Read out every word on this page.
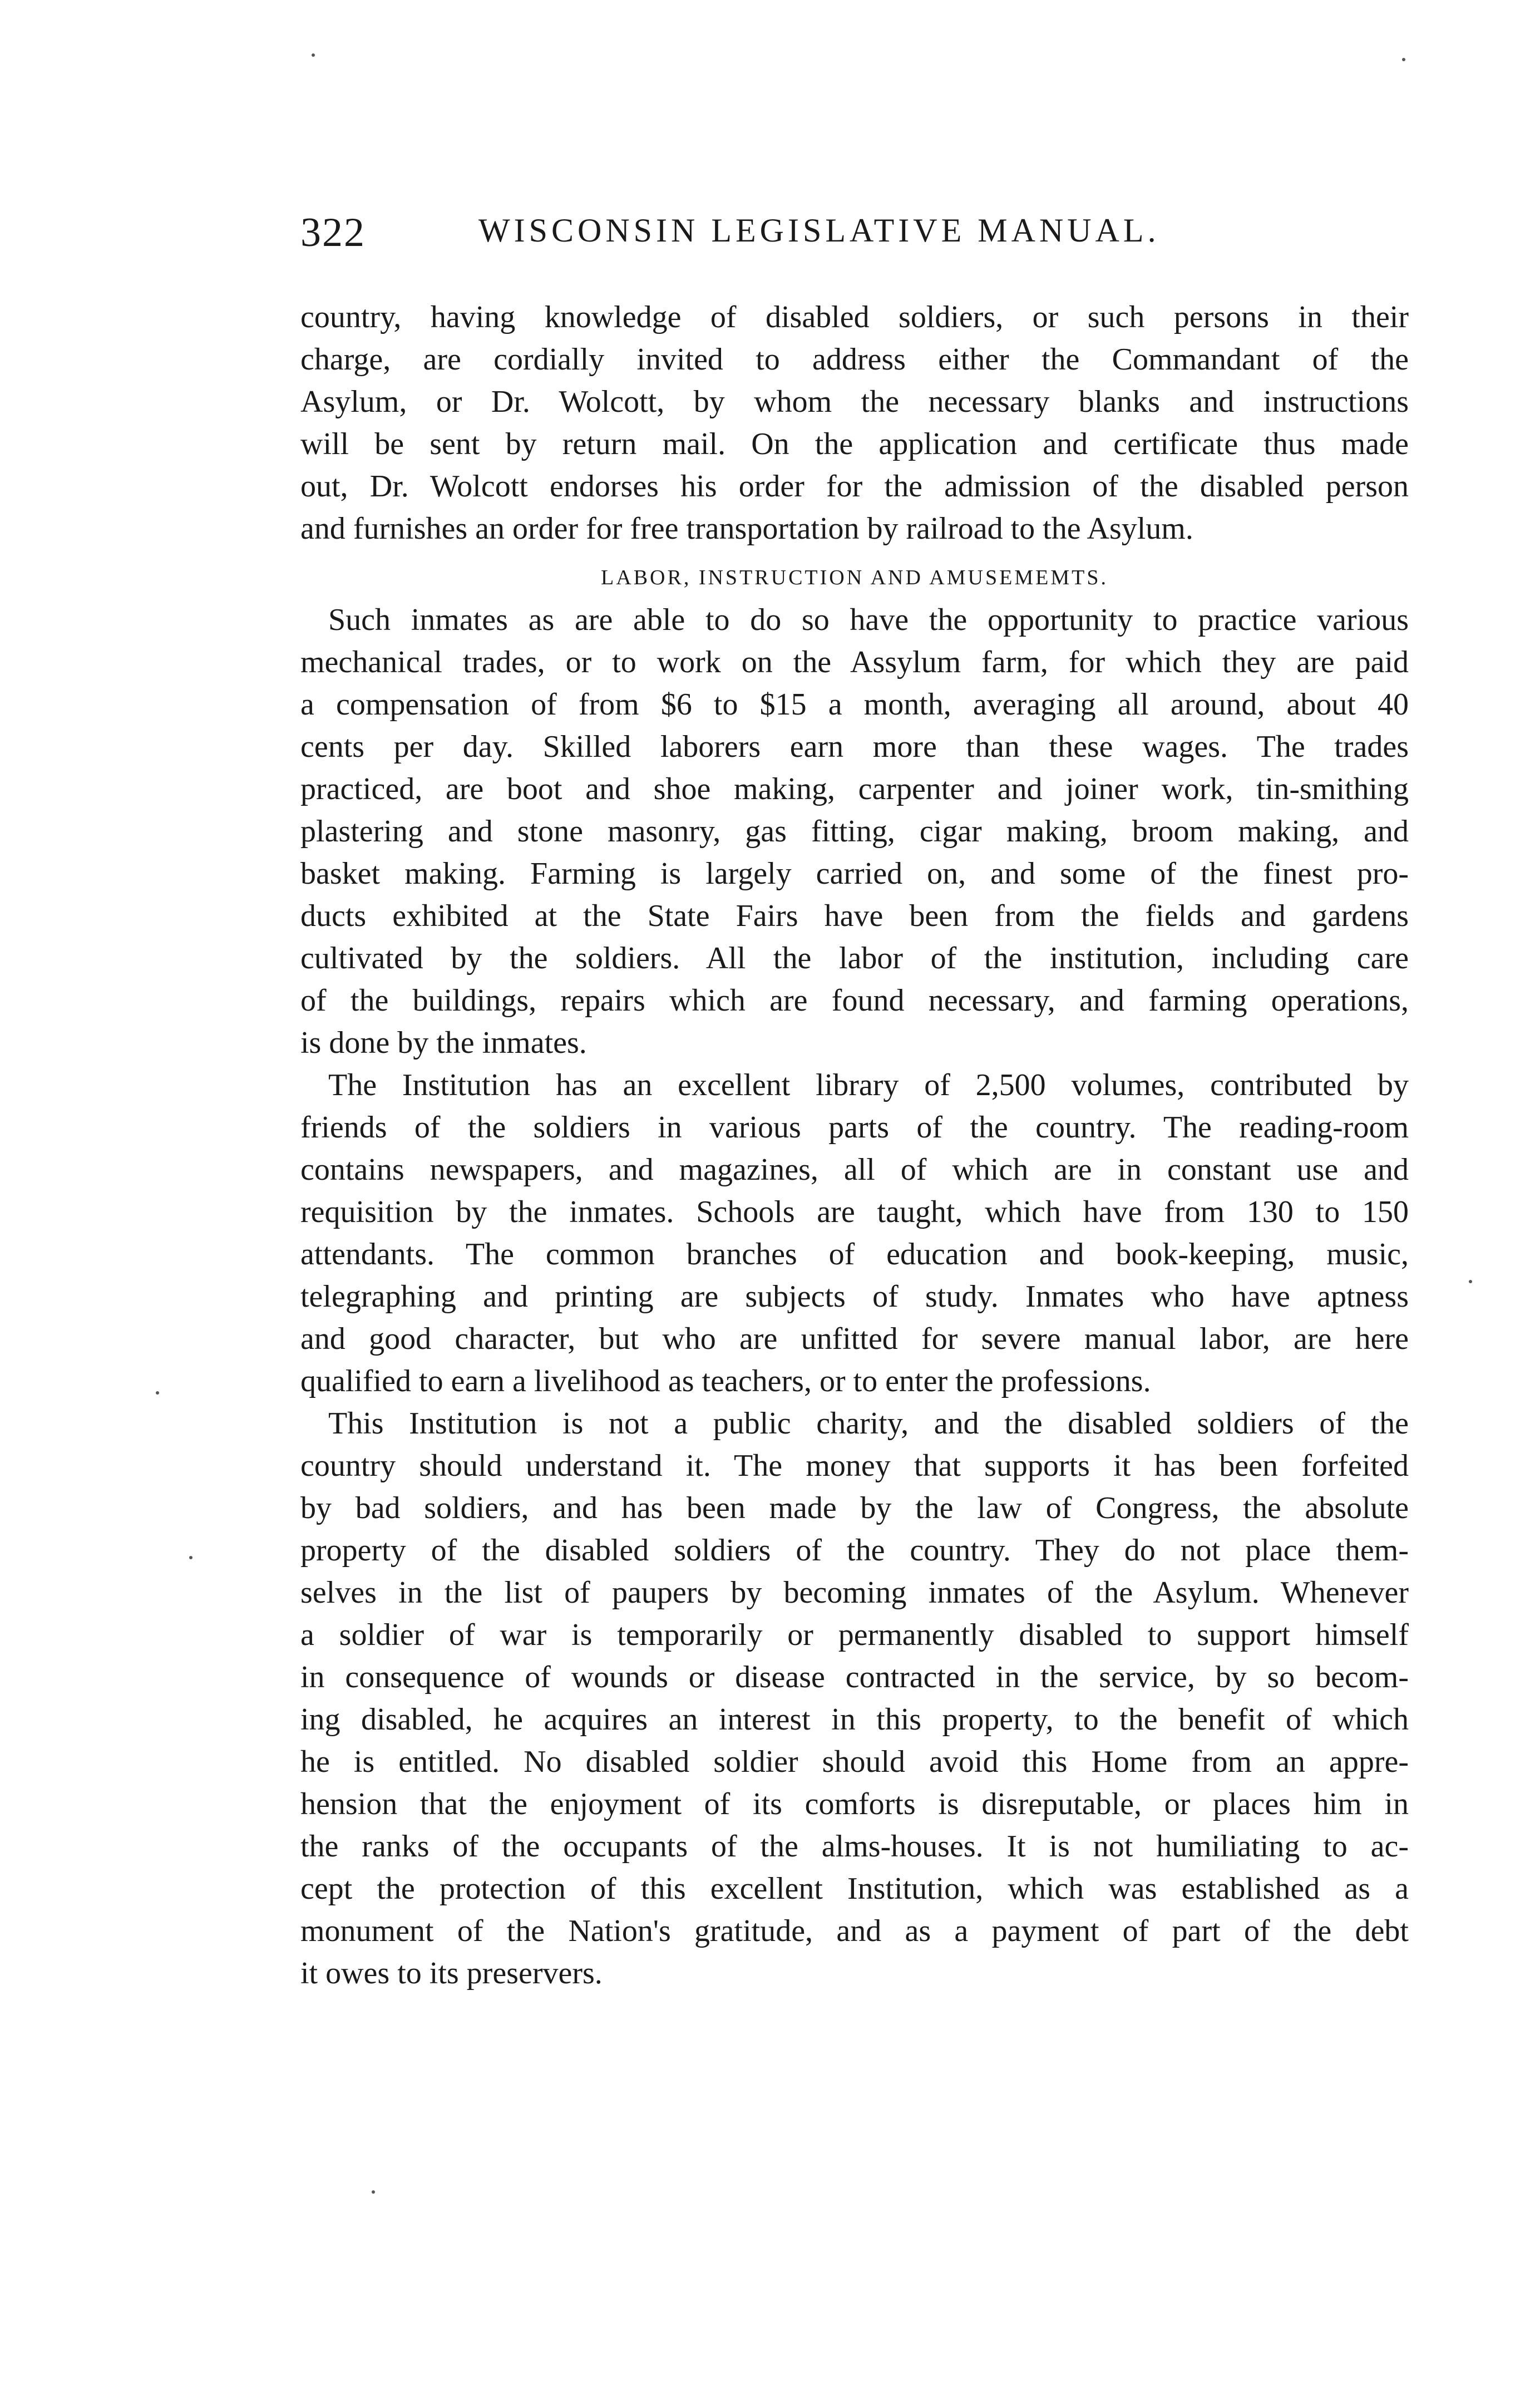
322	WISCONSIN LEGISLATIVE MANUAL.
country, having knowledge of disabled soldiers, or such persons in their
charge, are cordially invited to address either the Commandant of the
Asylum, or Dr. Wolcott, by whom the necessary blanks and instructions
will be sent by return mail. On the application and certificate thus made
out, Dr. Wolcott endorses his order for the admission of the disabled person
and furnishes an order for free transportation by railroad to the Asylum.
LABOR, INSTRUCTION AND AMUSEMEMTS.
Such inmates as are able to do so have the opportunity to practice various
mechanical trades, or to work on the Assylum farm, for which they are paid
a compensation of from $6 to $15 a month, averaging all around, about 40
cents per day. Skilled laborers earn more than these wages. The trades
practiced, are boot and shoe making, carpenter and joiner work, tin-smithing
plastering and stone masonry, gas fitting, cigar making, broom making, and
basket making. Farming is largely carried on, and some of the finest pro-
ducts exhibited at the State Fairs have been from the fields and gardens
cultivated by the soldiers. All the labor of the institution, including care
of the buildings, repairs which are found necessary, and farming operations,
is done by the inmates.
The Institution has an excellent library of 2,500 volumes, contributed by
friends of the soldiers in various parts of the country. The reading-room
contains newspapers, and magazines, all of which are in constant use and
requisition by the inmates. Schools are taught, which have from 130 to 150
attendants. The common branches of education and book-keeping, music,
telegraphing and printing are subjects of study. Inmates who have aptness
and good character, but who are unfitted for severe manual labor, are here
qualified to earn a livelihood as teachers, or to enter the professions.
This Institution is not a public charity, and the disabled soldiers of the
country should understand it. The money that supports it has been forfeited
by bad soldiers, and has been made by the law of Congress, the absolute
property of the disabled soldiers of the country. They do not place them-
selves in the list of paupers by becoming inmates of the Asylum. Whenever
a soldier of war is temporarily or permanently disabled to support himself
in consequence of wounds or disease contracted in the service, by so becom-
ing disabled, he acquires an interest in this property, to the benefit of which
he is entitled. No disabled soldier should avoid this Home from an appre-
hension that the enjoyment of its comforts is disreputable, or places him in
the ranks of the occupants of the alms-houses. It is not humiliating to ac-
cept the protection of this excellent Institution, which was established as a
monument of the Nation's gratitude, and as a payment of part of the debt
it owes to its preservers.
